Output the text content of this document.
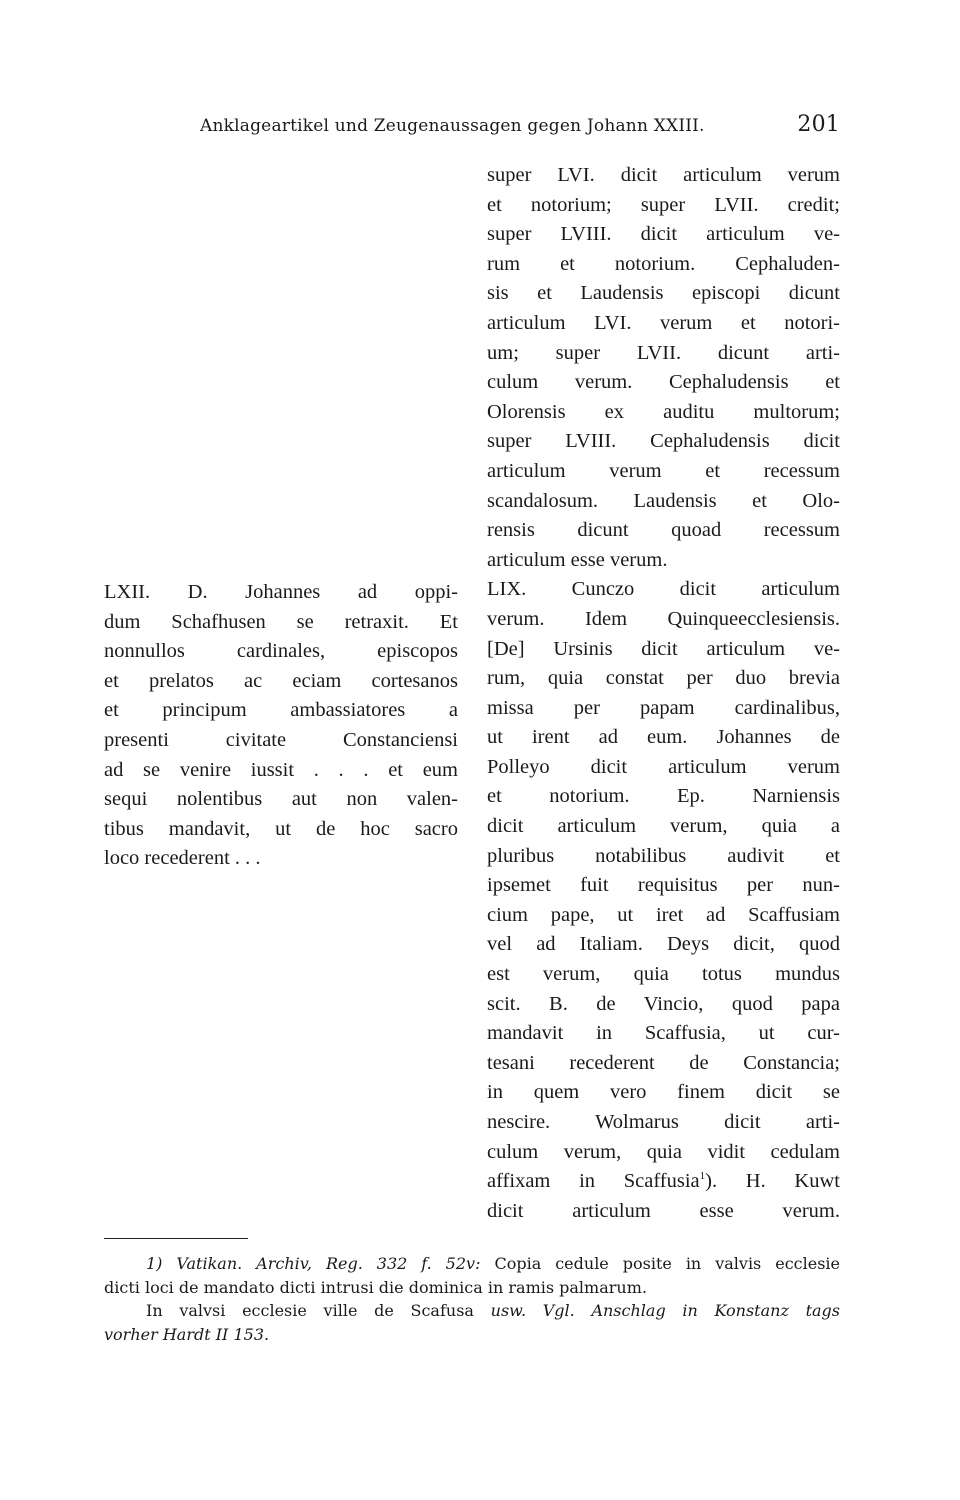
Anklageartikel und Zeugenaussagen gegen Johann XXIII.	201
LXII. D. Johannes ad oppi-
dum Schafhusen se retraxit. Et
nonnullos cardinales, episcopos
et prelatos ac eciam cortesanos
et principum ambassiatores a
presenti civitate Constanciensi
ad se venire iussit . . . et eum
sequi nolentibus aut non valen-
tibus mandavit, ut de hoc sacro
loco recederent . . .
super LVI. dicit articulum verum
et notorium; super LVII. credit;
super LVIII. dicit articulum ve-
rum et notorium. Cephaluden-
sis et Laudensis episcopi dicunt
articulum LVI. verum et notori-
um; super LVII. dicunt arti-
culum verum. Cephaludensis et
Olorensis ex auditu multorum;
super LVIII. Cephaludensis dicit
articulum verum et recessum
scandalosum. Laudensis et Olo-
rensis dicunt quoad recessum
articulum esse verum.
LIX. Cunczo dicit articulum
verum. Idem Quinqueecclesiensis.
[De] Ursinis dicit articulum ve-
rum, quia constat per duo brevia
missa per papam cardinalibus,
ut irent ad eum. Johannes de
Polleyo dicit articulum verum
et notorium. Ep. Narniensis
dicit articulum verum, quia a
pluribus notabilibus audivit et
ipsemet fuit requisitus per nun-
cium pape, ut iret ad Scaffusiam
vel ad Italiam. Deys dicit, quod
est verum, quia totus mundus
scit. B. de Vincio, quod papa
mandavit in Scaffusia, ut cur-
tesani recederent de Constancia;
in quem vero finem dicit se
nescire. Wolmarus dicit arti-
culum verum, quia vidit cedulam
affixam in Scaffusia$^1$). H. Kuwt
dicit articulum esse verum.
1) Vatikan. Archiv, Reg. 332 f. 52v: Copia cedule posite in valvis ecclesie
dicti loci de mandato dicti intrusi die dominica in ramis palmarum.
In valvsi ecclesie ville de Scafusa usw. Vgl. Anschlag in Konstanz tags
vorher Hardt II 153.
